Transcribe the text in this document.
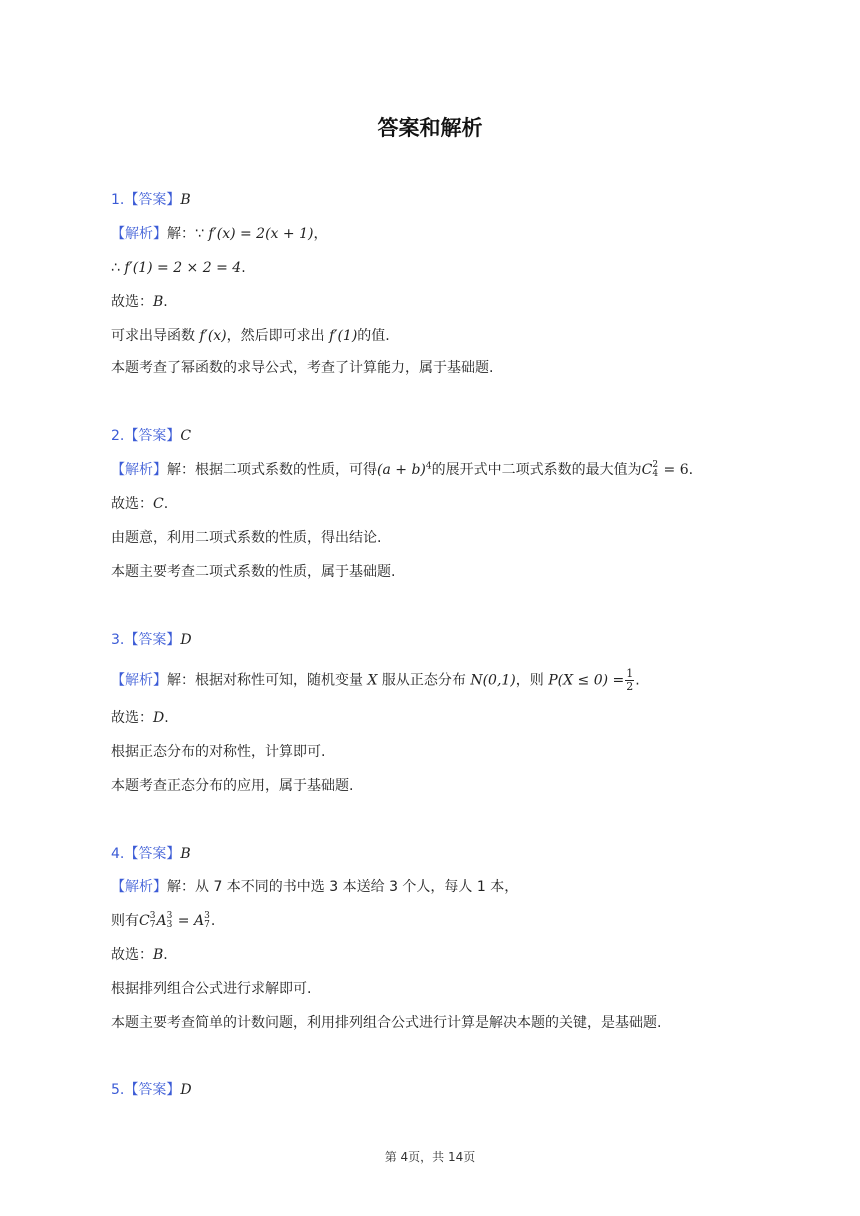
答案和解析
1.【答案】B
【解析】解：∵ f′(x) = 2(x + 1)，
∴ f′(1) = 2 × 2 = 4.
故选：B.
可求出导函数 f′(x)，然后即可求出 f′(1)的值.
本题考查了幂函数的求导公式，考查了计算能力，属于基础题.
2.【答案】C
【解析】解：根据二项式系数的性质，可得$(a + b)^4$的展开式中二项式系数的最大值为C 2
4 = 6.
故选：C.
由题意，利用二项式系数的性质，得出结论.
本题主要考查二项式系数的性质，属于基础题.
3.【答案】D
【解析】解：根据对称性可知，随机变量 X 服从正态分布 N(0,1)，则 $P(X \le 0) = \frac{1}{2}$ .
故选：D.
根据正态分布的对称性，计算即可.
本题考查正态分布的应用，属于基础题.
4.【答案】B
【解析】解：从 7 本不同的书中选 3 本送给 3 个人，每人 1 本，
则有C 3
7 A 3
3 = A 3
7 .
故选：B.
根据排列组合公式进行求解即可.
本题主要考查简单的计数问题，利用排列组合公式进行计算是解决本题的关键，是基础题.
5.【答案】D
第 4页，共 14页
